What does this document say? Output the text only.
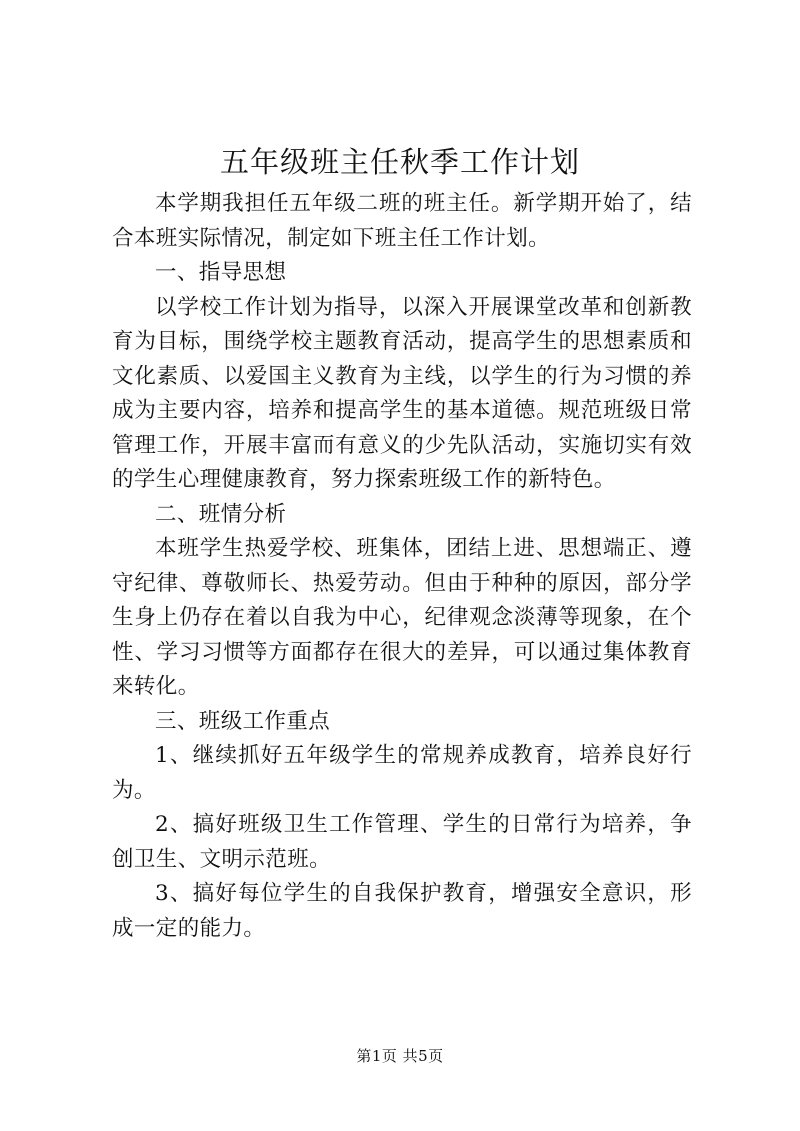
五年级班主任秋季工作计划

本学期我担任五年级二班的班主任。新学期开始了，结合本班实际情况，制定如下班主任工作计划。

一、指导思想

以学校工作计划为指导，以深入开展课堂改革和创新教育为目标，围绕学校主题教育活动，提高学生的思想素质和文化素质、以爱国主义教育为主线，以学生的行为习惯的养成为主要内容，培养和提高学生的基本道德。规范班级日常管理工作，开展丰富而有意义的少先队活动，实施切实有效的学生心理健康教育，努力探索班级工作的新特色。

二、班情分析

本班学生热爱学校、班集体，团结上进、思想端正、遵守纪律、尊敬师长、热爱劳动。但由于种种的原因，部分学生身上仍存在着以自我为中心，纪律观念淡薄等现象，在个性、学习习惯等方面都存在很大的差异，可以通过集体教育来转化。

三、班级工作重点

1、继续抓好五年级学生的常规养成教育，培养良好行为。

2、搞好班级卫生工作管理、学生的日常行为培养，争创卫生、文明示范班。

3、搞好每位学生的自我保护教育，增强安全意识，形成一定的能力。

第1页 共5页
